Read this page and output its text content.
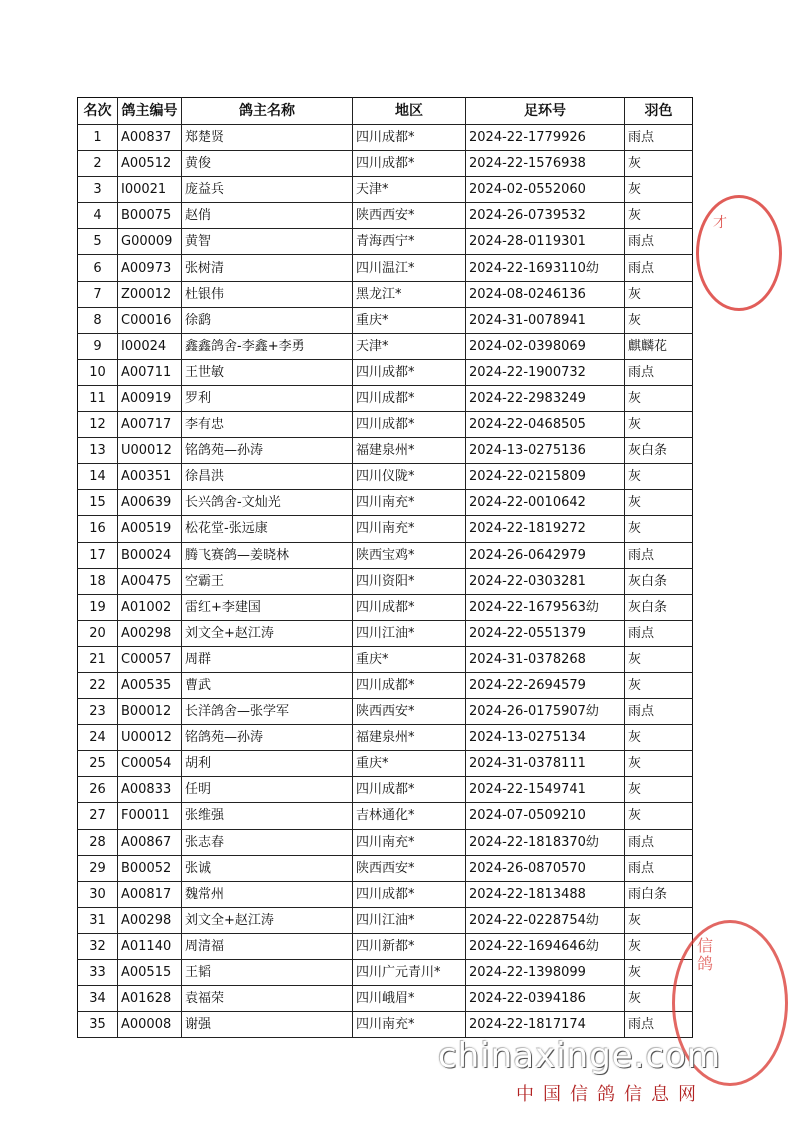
名次	鸽主编号	鸽主名称	地区	足环号	羽色
1	A00837	郑楚贤	四川成都*	2024-22-1779926	雨点
2	A00512	黄俊	四川成都*	2024-22-1576938	灰
3	I00021	庞益兵	天津*	2024-02-0552060	灰
4	B00075	赵俏	陕西西安*	2024-26-0739532	灰
5	G00009	黄智	青海西宁*	2024-28-0119301	雨点
6	A00973	张树清	四川温江*	2024-22-1693110幼	雨点
7	Z00012	杜银伟	黑龙江*	2024-08-0246136	灰
8	C00016	徐鹞	重庆*	2024-31-0078941	灰
9	I00024	鑫鑫鸽舍-李鑫+李勇	天津*	2024-02-0398069	麒麟花
10	A00711	王世敏	四川成都*	2024-22-1900732	雨点
11	A00919	罗利	四川成都*	2024-22-2983249	灰
12	A00717	李有忠	四川成都*	2024-22-0468505	灰
13	U00012	铭鸽苑—孙涛	福建泉州*	2024-13-0275136	灰白条
14	A00351	徐昌洪	四川仪陇*	2024-22-0215809	灰
15	A00639	长兴鸽舍-文灿光	四川南充*	2024-22-0010642	灰
16	A00519	松花堂-张远康	四川南充*	2024-22-1819272	灰
17	B00024	腾飞赛鸽—姜晓林	陕西宝鸡*	2024-26-0642979	雨点
18	A00475	空霸王	四川资阳*	2024-22-0303281	灰白条
19	A01002	雷红+李建国	四川成都*	2024-22-1679563幼	灰白条
20	A00298	刘文全+赵江涛	四川江油*	2024-22-0551379	雨点
21	C00057	周群	重庆*	2024-31-0378268	灰
22	A00535	曹武	四川成都*	2024-22-2694579	灰
23	B00012	长洋鸽舍—张学军	陕西西安*	2024-26-0175907幼	雨点
24	U00012	铭鸽苑—孙涛	福建泉州*	2024-13-0275134	灰
25	C00054	胡利	重庆*	2024-31-0378111	灰
26	A00833	任明	四川成都*	2024-22-1549741	灰
27	F00011	张维强	吉林通化*	2024-07-0509210	灰
28	A00867	张志春	四川南充*	2024-22-1818370幼	雨点
29	B00052	张诚	陕西西安*	2024-26-0870570	雨点
30	A00817	魏常州	四川成都*	2024-22-1813488	雨白条
31	A00298	刘文全+赵江涛	四川江油*	2024-22-0228754幼	灰
32	A01140	周清福	四川新都*	2024-22-1694646幼	灰
33	A00515	王韬	四川广元青川*	2024-22-1398099	灰
34	A01628	袁福荣	四川峨眉*	2024-22-0394186	灰
35	A00008	谢强	四川南充*	2024-22-1817174	雨点
才
信鸽
chinaxinge.com
中国信鸽信息网
